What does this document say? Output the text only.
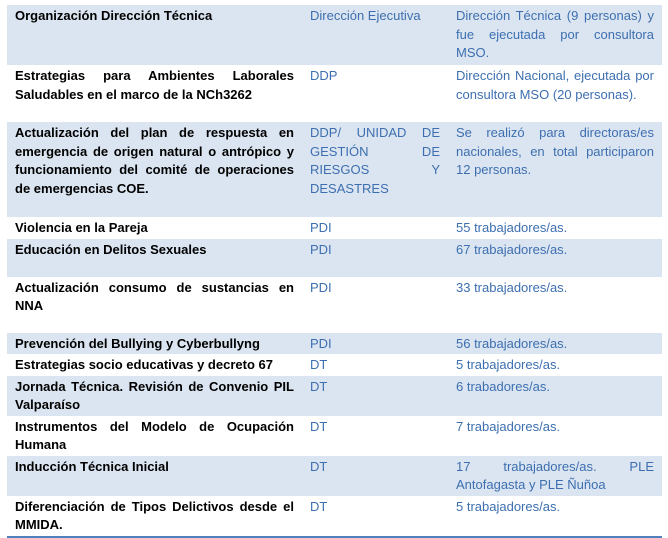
Organización Dirección Técnica	Dirección Ejecutiva	Dirección Técnica (9 personas) y fue ejecutada por consultora MSO.
Estrategias para Ambientes Laborales Saludables en el marco de la NCh3262	DDP	Dirección Nacional, ejecutada por consultora MSO (20 personas).
Actualización del plan de respuesta en emergencia de origen natural o antrópico y funcionamiento del comité de operaciones de emergencias COE.	DDP/ UNIDAD DE GESTIÓN DE RIESGOS Y DESASTRES	Se realizó para directoras/es nacionales, en total participaron 12 personas.
Violencia en la Pareja	PDI	55 trabajadores/as.
Educación en Delitos Sexuales	PDI	67 trabajadores/as.
Actualización consumo de sustancias en NNA	PDI	33 trabajadores/as.
Prevención del Bullying y Cyberbullyng	PDI	56 trabajadores/as.
Estrategias socio educativas y decreto 67	DT	5 trabajadores/as.
Jornada Técnica. Revisión de Convenio PIL Valparaíso	DT	6 trabadores/as.
Instrumentos del Modelo de Ocupación Humana	DT	7 trabajadores/as.
Inducción Técnica Inicial	DT	17 trabajadores/as. PLE Antofagasta y PLE Ñuñoa
Diferenciación de Tipos Delictivos desde el MMIDA.	DT	5 trabajadores/as.
